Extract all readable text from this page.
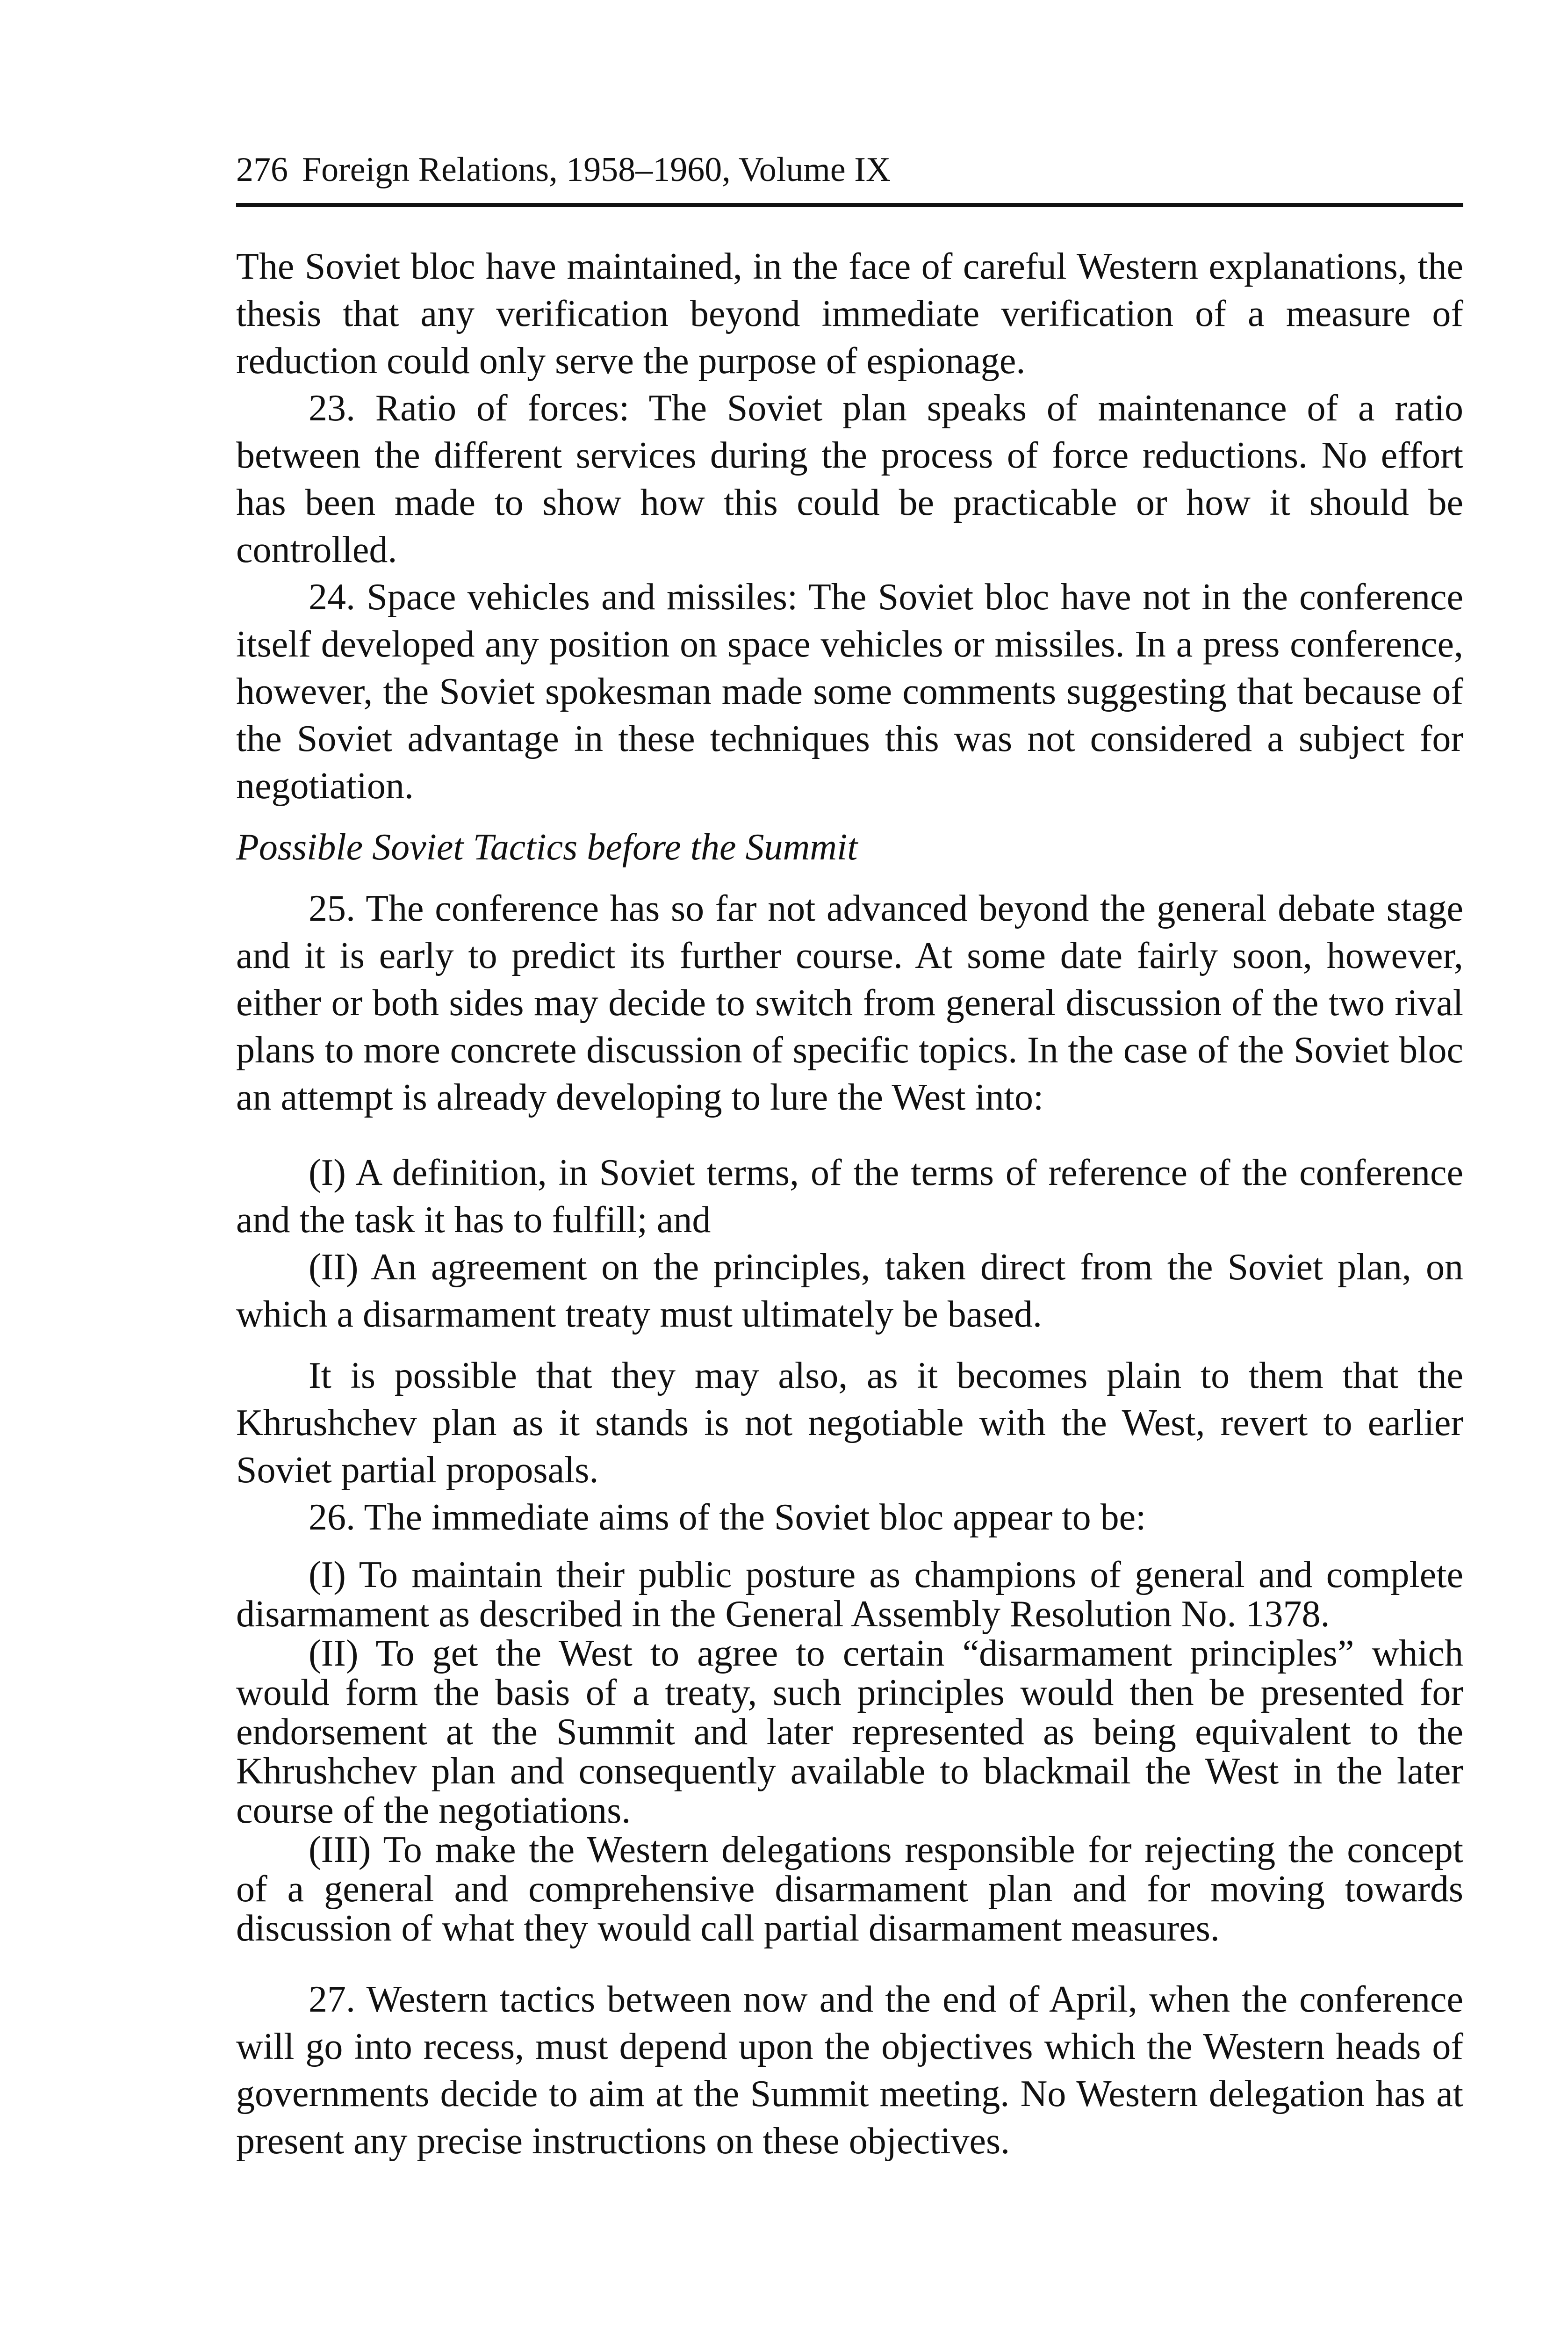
276 Foreign Relations, 1958–1960, Volume IX

The Soviet bloc have maintained, in the face of careful Western explanations, the thesis that any verification beyond immediate verification of a measure of reduction could only serve the purpose of espionage.

23. Ratio of forces: The Soviet plan speaks of maintenance of a ratio between the different services during the process of force reductions. No effort has been made to show how this could be practicable or how it should be controlled.

24. Space vehicles and missiles: The Soviet bloc have not in the conference itself developed any position on space vehicles or missiles. In a press conference, however, the Soviet spokesman made some comments suggesting that because of the Soviet advantage in these techniques this was not considered a subject for negotiation.

Possible Soviet Tactics before the Summit

25. The conference has so far not advanced beyond the general debate stage and it is early to predict its further course. At some date fairly soon, however, either or both sides may decide to switch from general discussion of the two rival plans to more concrete discussion of specific topics. In the case of the Soviet bloc an attempt is already developing to lure the West into:

(I) A definition, in Soviet terms, of the terms of reference of the conference and the task it has to fulfill; and

(II) An agreement on the principles, taken direct from the Soviet plan, on which a disarmament treaty must ultimately be based.

It is possible that they may also, as it becomes plain to them that the Khrushchev plan as it stands is not negotiable with the West, revert to earlier Soviet partial proposals.

26. The immediate aims of the Soviet bloc appear to be:

(I) To maintain their public posture as champions of general and complete disarmament as described in the General Assembly Resolution No. 1378.

(II) To get the West to agree to certain “disarmament principles” which would form the basis of a treaty, such principles would then be presented for endorsement at the Summit and later represented as being equivalent to the Khrushchev plan and consequently available to blackmail the West in the later course of the negotiations.

(III) To make the Western delegations responsible for rejecting the concept of a general and comprehensive disarmament plan and for moving towards discussion of what they would call partial disarmament measures.

27. Western tactics between now and the end of April, when the conference will go into recess, must depend upon the objectives which the Western heads of governments decide to aim at the Summit meeting. No Western delegation has at present any precise instructions on these objectives.
